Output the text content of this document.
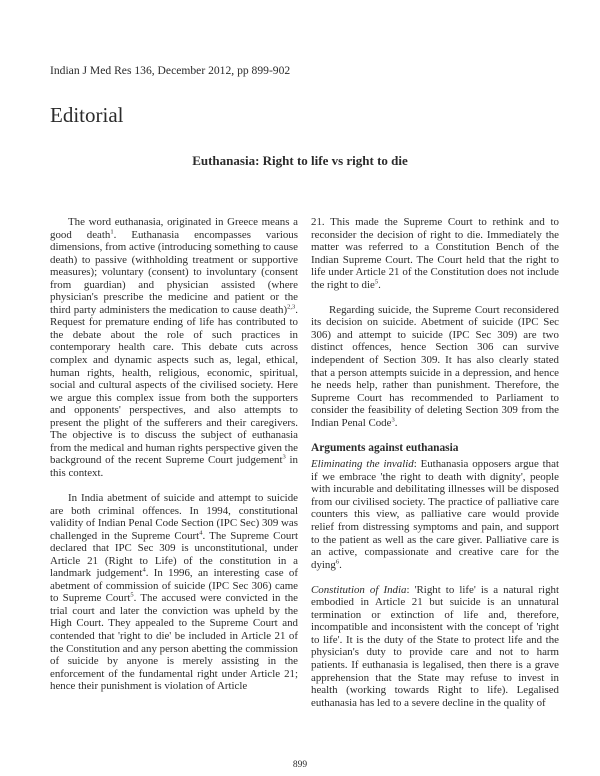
Indian J Med Res 136, December 2012, pp 899-902
Editorial
Euthanasia: Right to life vs right to die

The word euthanasia, originated in Greece means a good death$^1$. Euthanasia encompasses various dimensions, from active (introducing something to cause death) to passive (withholding treatment or supportive measures); voluntary (consent) to involuntary (consent from guardian) and physician assisted (where physician's prescribe the medicine and patient or the third party administers the medication to cause death)$^{2,3}$. Request for premature ending of life has contributed to the debate about the role of such practices in contemporary health care. This debate cuts across complex and dynamic aspects such as, legal, ethical, human rights, health, religious, economic, spiritual, social and cultural aspects of the civilised society. Here we argue this complex issue from both the supporters and opponents' perspectives, and also attempts to present the plight of the sufferers and their caregivers. The objective is to discuss the subject of euthanasia from the medical and human rights perspective given the background of the recent Supreme Court judgement$^3$ in this context.

In India abetment of suicide and attempt to suicide are both criminal offences. In 1994, constitutional validity of Indian Penal Code Section (IPC Sec) 309 was challenged in the Supreme Court$^4$. The Supreme Court declared that IPC Sec 309 is unconstitutional, under Article 21 (Right to Life) of the constitution in a landmark judgement$^4$. In 1996, an interesting case of abetment of commission of suicide (IPC Sec 306) came to Supreme Court$^5$. The accused were convicted in the trial court and later the conviction was upheld by the High Court. They appealed to the Supreme Court and contended that 'right to die' be included in Article 21 of the Constitution and any person abetting the commission of suicide by anyone is merely assisting in the enforcement of the fundamental right under Article 21; hence their punishment is violation of Article

21. This made the Supreme Court to rethink and to reconsider the decision of right to die. Immediately the matter was referred to a Constitution Bench of the Indian Supreme Court. The Court held that the right to life under Article 21 of the Constitution does not include the right to die$^5$.

Regarding suicide, the Supreme Court reconsidered its decision on suicide. Abetment of suicide (IPC Sec 306) and attempt to suicide (IPC Sec 309) are two distinct offences, hence Section 306 can survive independent of Section 309. It has also clearly stated that a person attempts suicide in a depression, and hence he needs help, rather than punishment. Therefore, the Supreme Court has recommended to Parliament to consider the feasibility of deleting Section 309 from the Indian Penal Code$^3$.

Arguments against euthanasia

Eliminating the invalid: Euthanasia opposers argue that if we embrace 'the right to death with dignity', people with incurable and debilitating illnesses will be disposed from our civilised society. The practice of palliative care counters this view, as palliative care would provide relief from distressing symptoms and pain, and support to the patient as well as the care giver. Palliative care is an active, compassionate and creative care for the dying$^6$.

Constitution of India: 'Right to life' is a natural right embodied in Article 21 but suicide is an unnatural termination or extinction of life and, therefore, incompatible and inconsistent with the concept of 'right to life'. It is the duty of the State to protect life and the physician's duty to provide care and not to harm patients. If euthanasia is legalised, then there is a grave apprehension that the State may refuse to invest in health (working towards Right to life). Legalised euthanasia has led to a severe decline in the quality of

899
